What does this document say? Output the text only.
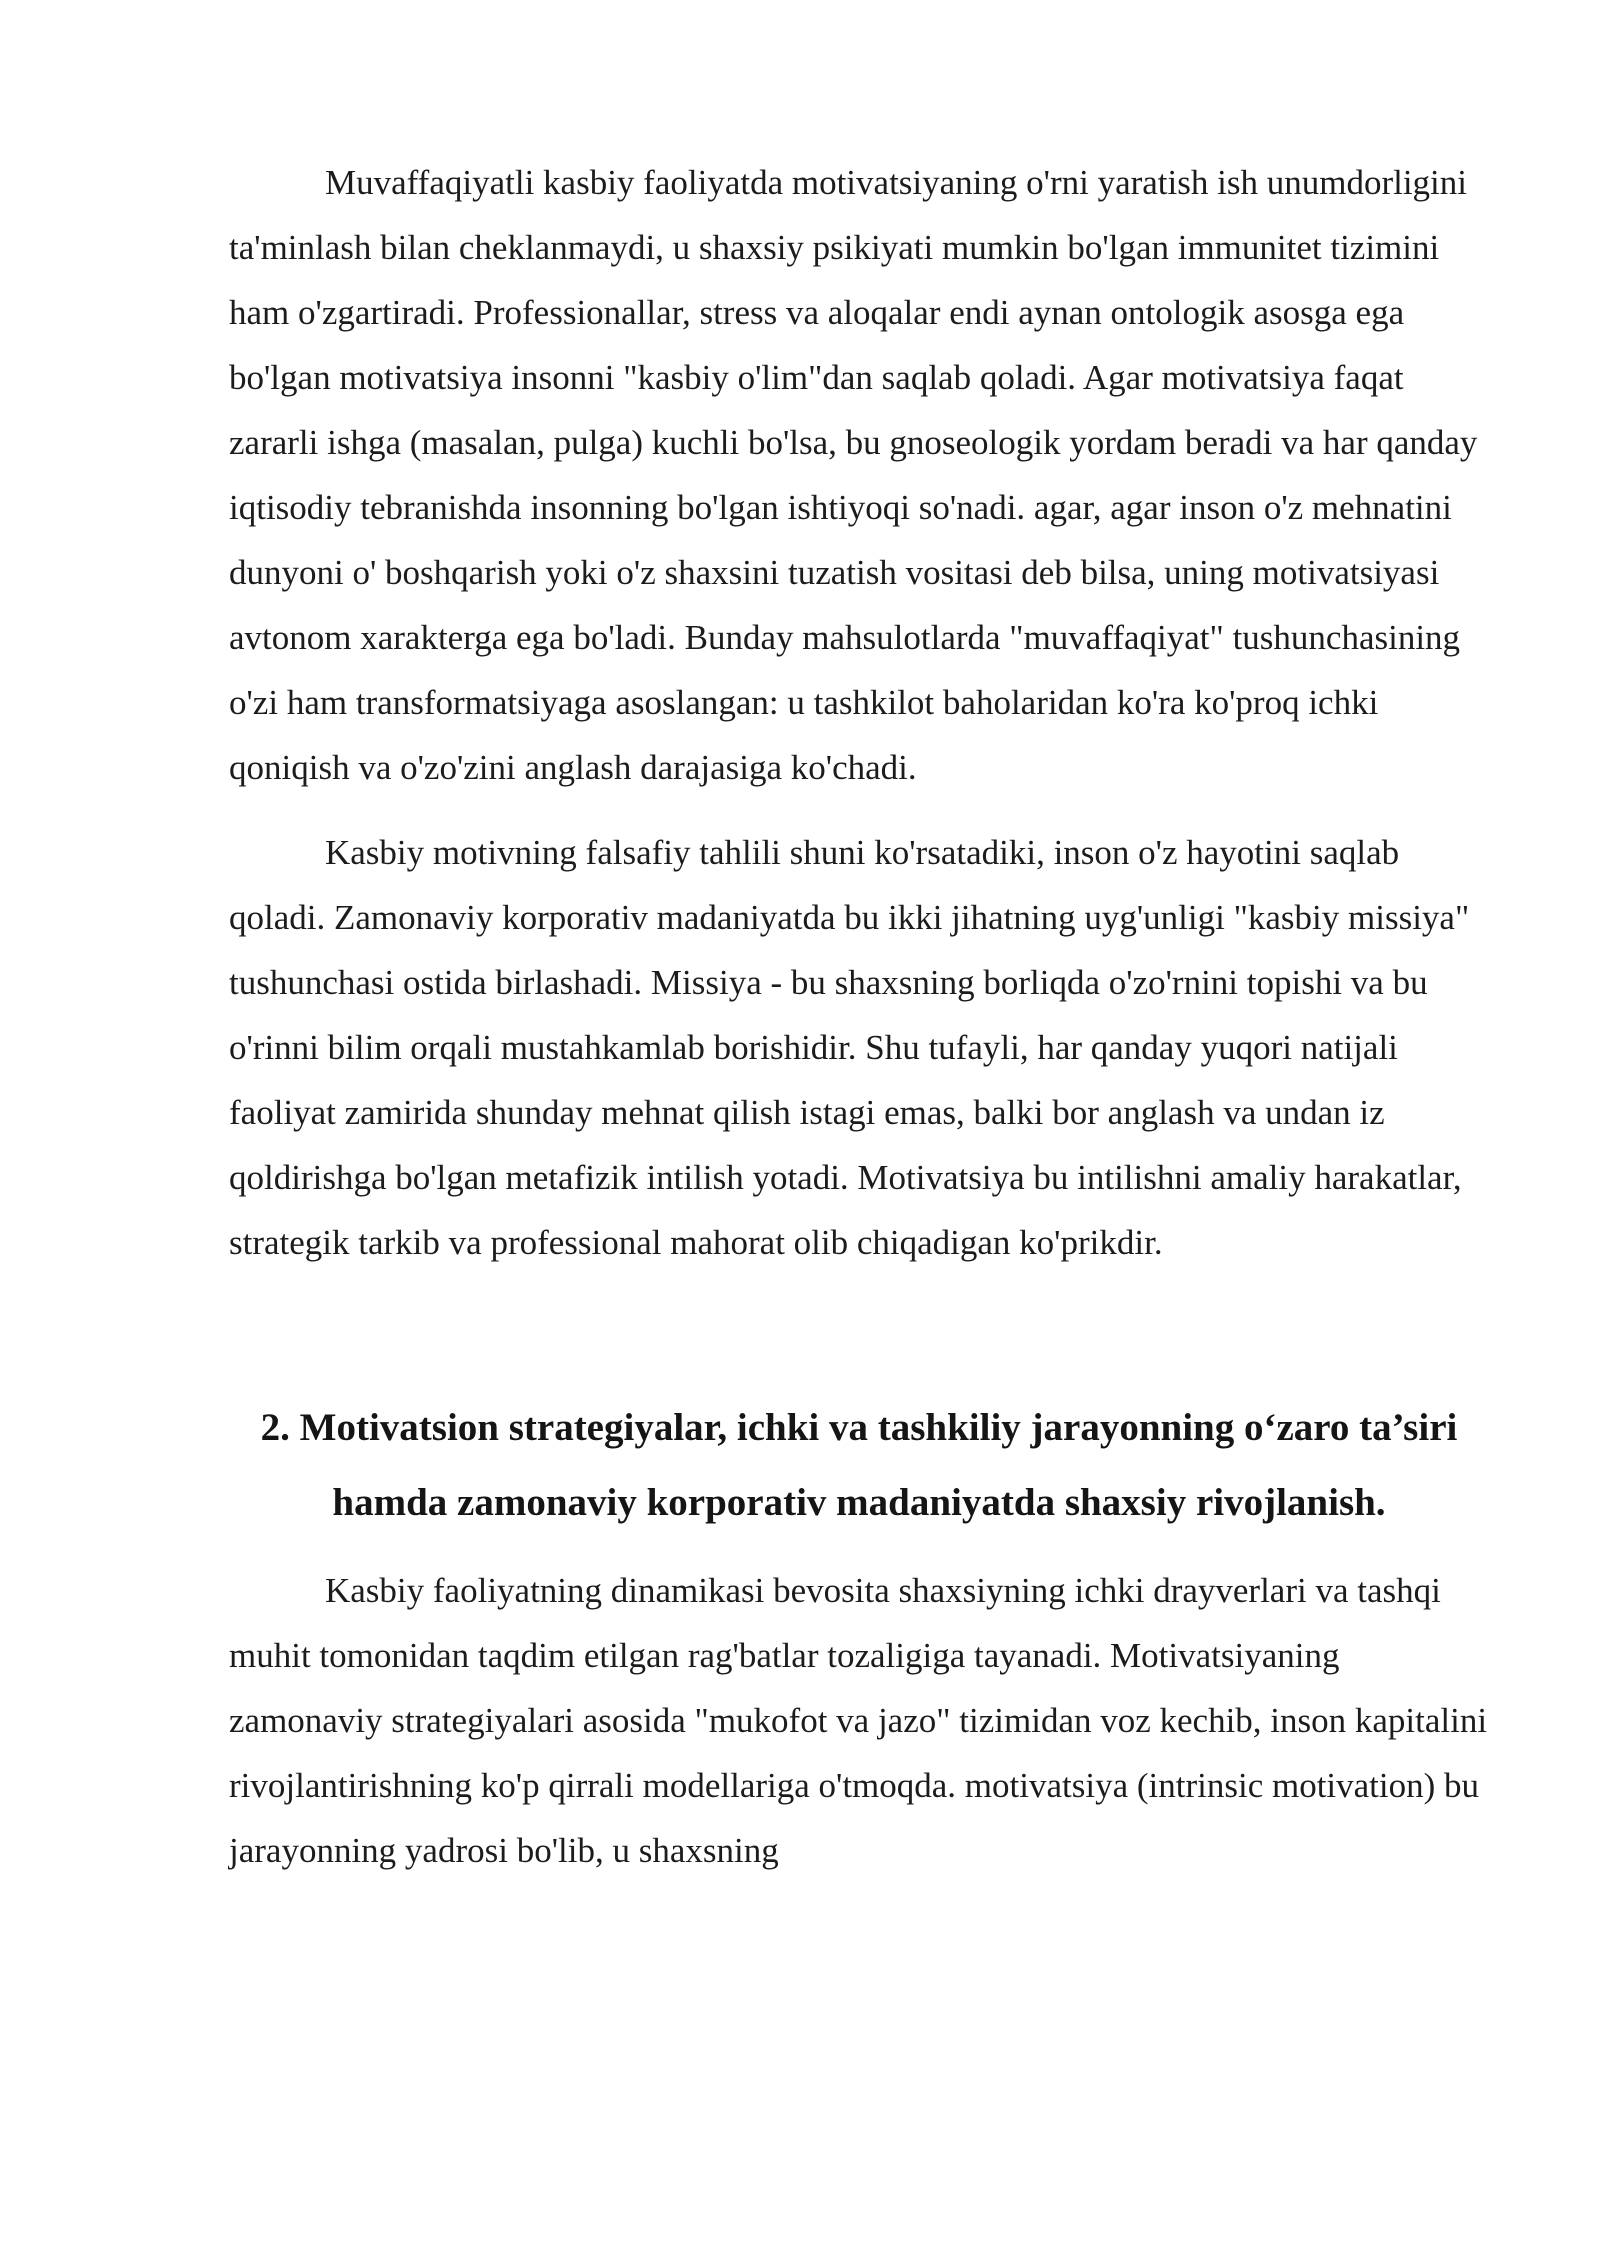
Muvaffaqiyatli kasbiy faoliyatda motivatsiyaning o'rni yaratish ish unumdorligini ta'minlash bilan cheklanmaydi, u shaxsiy psikiyati mumkin bo'lgan immunitet tizimini ham o'zgartiradi. Professionallar, stress va aloqalar endi aynan ontologik asosga ega bo'lgan motivatsiya insonni "kasbiy o'lim"dan saqlab qoladi. Agar motivatsiya faqat zararli ishga (masalan, pulga) kuchli bo'lsa, bu gnoseologik yordam beradi va har qanday iqtisodiy tebranishda insonning bo'lgan ishtiyoqi so'nadi. agar, agar inson o'z mehnatini dunyoni o' boshqarish yoki o'z shaxsini tuzatish vositasi deb bilsa, uning motivatsiyasi avtonom xarakterga ega bo'ladi. Bunday mahsulotlarda "muvaffaqiyat" tushunchasining o'zi ham transformatsiyaga asoslangan: u tashkilot baholaridan ko'ra ko'proq ichki qoniqish va o'zo'zini anglash darajasiga ko'chadi.

Kasbiy motivning falsafiy tahlili shuni ko'rsatadiki, inson o'z hayotini saqlab qoladi. Zamonaviy korporativ madaniyatda bu ikki jihatning uyg'unligi "kasbiy missiya" tushunchasi ostida birlashadi. Missiya - bu shaxsning borliqda o'zo'rnini topishi va bu o'rinni bilim orqali mustahkamlab borishidir. Shu tufayli, har qanday yuqori natijali faoliyat zamirida shunday mehnat qilish istagi emas, balki bor anglash va undan iz qoldirishga bo'lgan metafizik intilish yotadi. Motivatsiya bu intilishni amaliy harakatlar, strategik tarkib va professional mahorat olib chiqadigan ko'prikdir.

2. Motivatsion strategiyalar, ichki va tashkiliy jarayonning o‘zaro ta’siri hamda zamonaviy korporativ madaniyatda shaxsiy rivojlanish.

Kasbiy faoliyatning dinamikasi bevosita shaxsiyning ichki drayverlari va tashqi muhit tomonidan taqdim etilgan rag'batlar tozaligiga tayanadi. Motivatsiyaning zamonaviy strategiyalari asosida "mukofot va jazo" tizimidan voz kechib, inson kapitalini rivojlantirishning ko'p qirrali modellariga o'tmoqda. motivatsiya (intrinsic motivation) bu jarayonning yadrosi bo'lib, u shaxsning
